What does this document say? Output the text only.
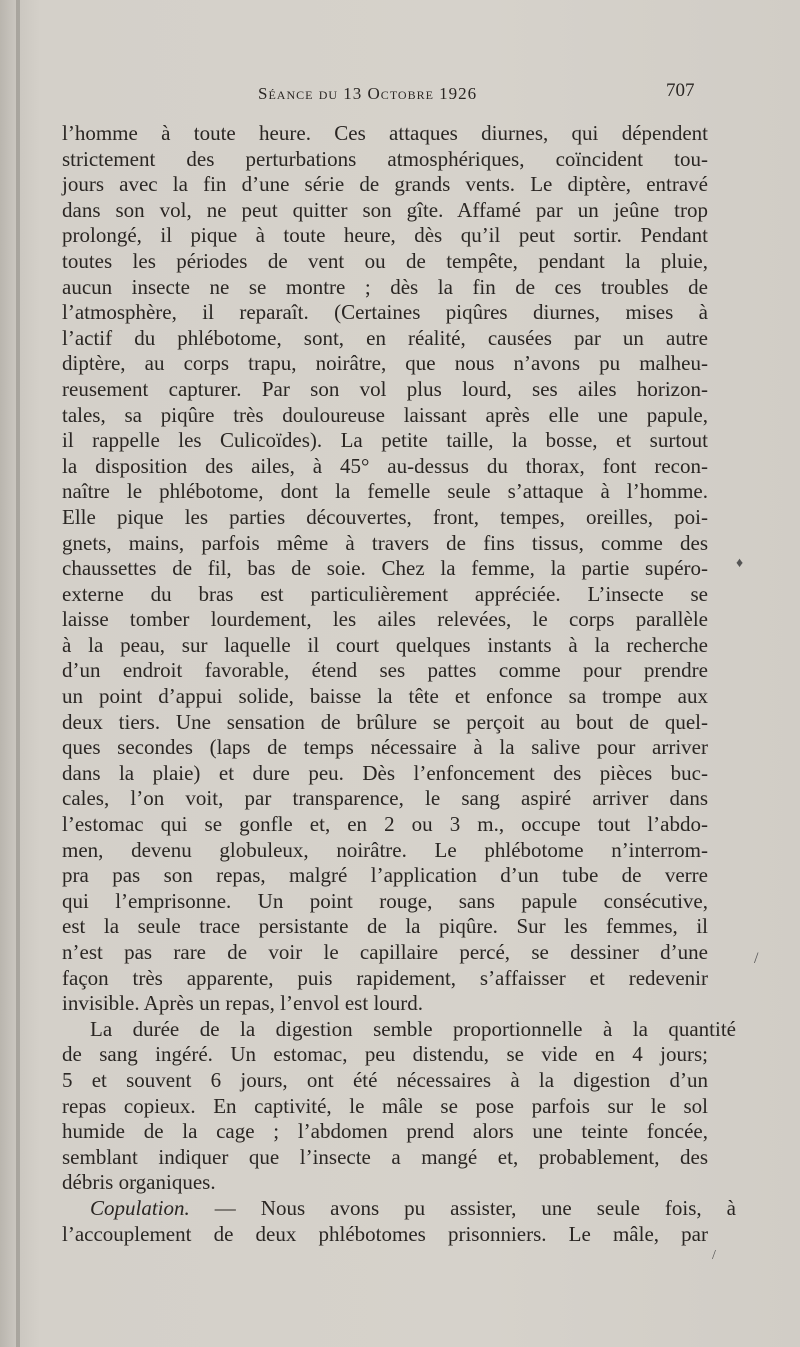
Séance du 13 Octobre 1926	707
l’homme à toute heure. Ces attaques diurnes, qui dépendent
strictement des perturbations atmosphériques, coïncident tou-
jours avec la fin d’une série de grands vents. Le diptère, entravé
dans son vol, ne peut quitter son gîte. Affamé par un jeûne trop
prolongé, il pique à toute heure, dès qu’il peut sortir. Pendant
toutes les périodes de vent ou de tempête, pendant la pluie,
aucun insecte ne se montre ; dès la fin de ces troubles de
l’atmosphère, il reparaît. (Certaines piqûres diurnes, mises à
l’actif du phlébotome, sont, en réalité, causées par un autre
diptère, au corps trapu, noirâtre, que nous n’avons pu malheu-
reusement capturer. Par son vol plus lourd, ses ailes horizon-
tales, sa piqûre très douloureuse laissant après elle une papule,
il rappelle les Culicoïdes). La petite taille, la bosse, et surtout
la disposition des ailes, à 45° au-dessus du thorax, font recon-
naître le phlébotome, dont la femelle seule s’attaque à l’homme.
Elle pique les parties découvertes, front, tempes, oreilles, poi-
gnets, mains, parfois même à travers de fins tissus, comme des
chaussettes de fil, bas de soie. Chez la femme, la partie supéro-
externe du bras est particulièrement appréciée. L’insecte se
laisse tomber lourdement, les ailes relevées, le corps parallèle
à la peau, sur laquelle il court quelques instants à la recherche
d’un endroit favorable, étend ses pattes comme pour prendre
un point d’appui solide, baisse la tête et enfonce sa trompe aux
deux tiers. Une sensation de brûlure se perçoit au bout de quel-
ques secondes (laps de temps nécessaire à la salive pour arriver
dans la plaie) et dure peu. Dès l’enfoncement des pièces buc-
cales, l’on voit, par transparence, le sang aspiré arriver dans
l’estomac qui se gonfle et, en 2 ou 3 m., occupe tout l’abdo-
men, devenu globuleux, noirâtre. Le phlébotome n’interrom-
pra pas son repas, malgré l’application d’un tube de verre
qui l’emprisonne. Un point rouge, sans papule consécutive,
est la seule trace persistante de la piqûre. Sur les femmes, il
n’est pas rare de voir le capillaire percé, se dessiner d’une
façon très apparente, puis rapidement, s’affaisser et redevenir
invisible. Après un repas, l’envol est lourd.
La durée de la digestion semble proportionnelle à la quantité
de sang ingéré. Un estomac, peu distendu, se vide en 4 jours;
5 et souvent 6 jours, ont été nécessaires à la digestion d’un
repas copieux. En captivité, le mâle se pose parfois sur le sol
humide de la cage ; l’abdomen prend alors une teinte foncée,
semblant indiquer que l’insecte a mangé et, probablement, des
débris organiques.
Copulation. — Nous avons pu assister, une seule fois, à
l’accouplement de deux phlébotomes prisonniers. Le mâle, par
♦
/
/
